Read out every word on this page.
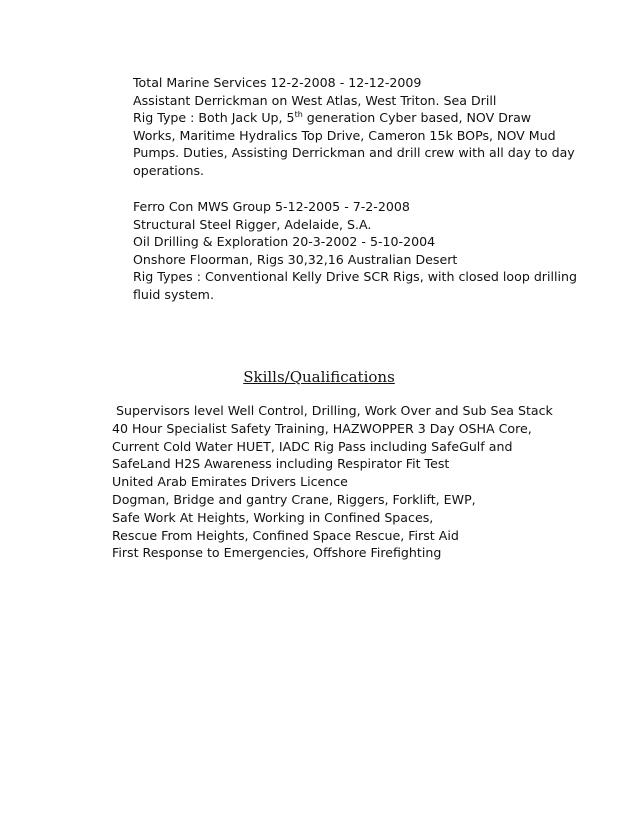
Total Marine Services 12-2-2008 - 12-12-2009
Assistant Derrickman on West Atlas, West Triton. Sea Drill
Rig Type : Both Jack Up, 5th generation Cyber based, NOV Draw
Works, Maritime Hydralics Top Drive, Cameron 15k BOPs, NOV Mud
Pumps. Duties, Assisting Derrickman and drill crew with all day to day
operations.
Ferro Con MWS Group 5-12-2005 - 7-2-2008
Structural Steel Rigger, Adelaide, S.A.
Oil Drilling & Exploration 20-3-2002 - 5-10-2004
Onshore Floorman, Rigs 30,32,16 Australian Desert
Rig Types : Conventional Kelly Drive SCR Rigs, with closed loop drilling
fluid system.
Skills/Qualifications
Supervisors level Well Control, Drilling, Work Over and Sub Sea Stack
40 Hour Specialist Safety Training, HAZWOPPER 3 Day OSHA Core,
Current Cold Water HUET, IADC Rig Pass including SafeGulf and
SafeLand H2S Awareness including Respirator Fit Test
United Arab Emirates Drivers Licence
Dogman, Bridge and gantry Crane, Riggers, Forklift, EWP,
Safe Work At Heights, Working in Confined Spaces,
Rescue From Heights, Confined Space Rescue, First Aid
First Response to Emergencies, Offshore Firefighting
